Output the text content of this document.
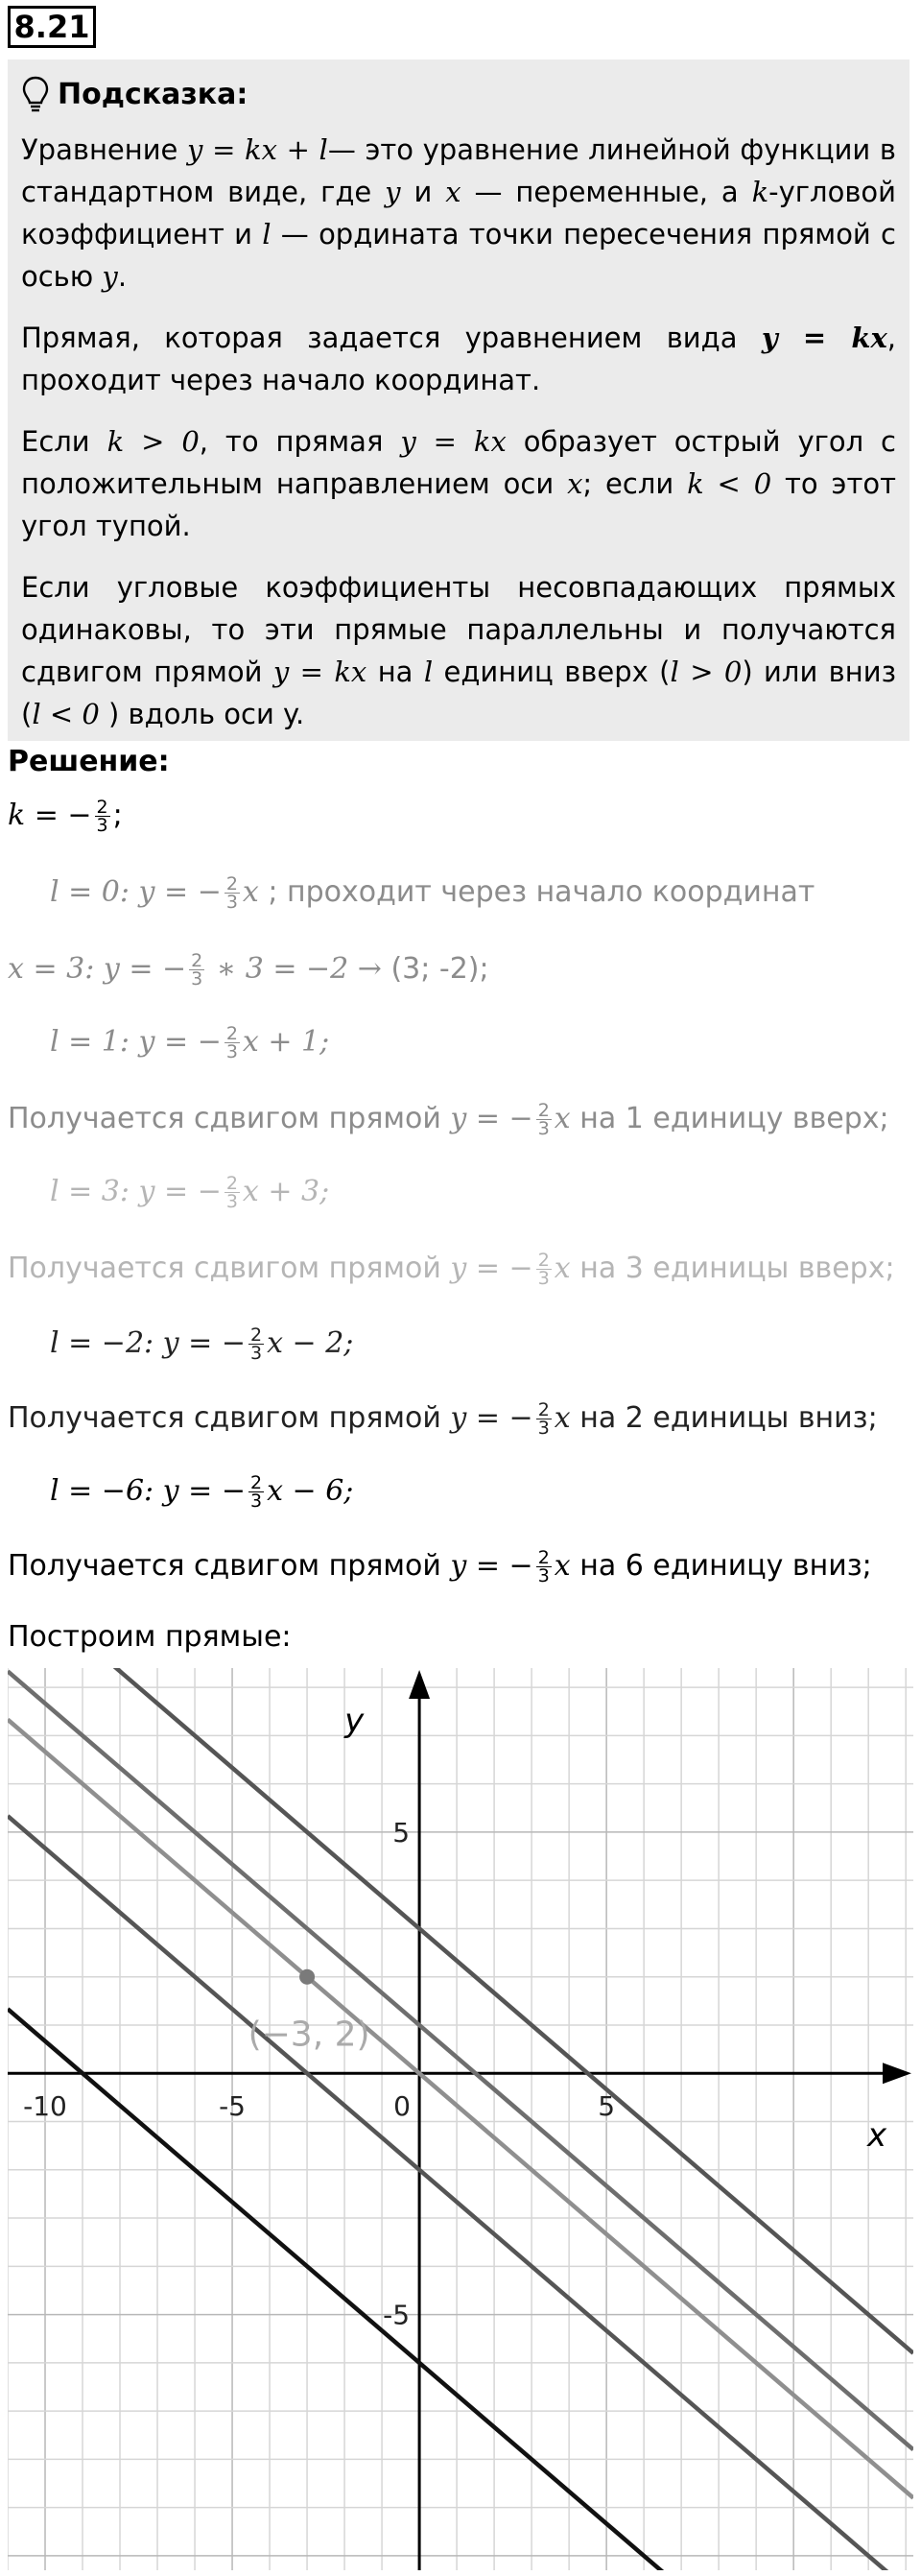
8.21
Подсказка:

Уравнение y = kx + l— это уравнение линейной функции в стандартном виде, где y и x — переменные, а k-угловой коэффициент и l — ордината точки пересечения прямой с осью y.

Прямая, которая задается уравнением вида y = kx, проходит через начало координат.

Если k > 0, то прямая y = kx образует острый угол с положительным направлением оси x; если k < 0 то этот угол тупой.

Если угловые коэффициенты несовпадающих прямых одинаковы, то эти прямые параллельны и получаются сдвигом прямой y = kx на l единиц вверх (l > 0) или вниз (l < 0 ) вдоль оси y.

Решение:
k = − $\frac{2}{3}$ ;
l = 0: y = − $\frac{2}{3}$ x ; проходит через начало координат
x = 3: y = − $\frac{2}{3}$ ∗ 3 = −2 → (3; -2);
l = 1: y = − $\frac{2}{3}$ x + 1;
Получается сдвигом прямой y = − $\frac{2}{3}$ x на 1 единицу вверх;
l = 3: y = − $\frac{2}{3}$ x + 3;
Получается сдвигом прямой y = − $\frac{2}{3}$ x на 3 единицы вверх;
l = −2: y = − $\frac{2}{3}$ x − 2;
Получается сдвигом прямой y = − $\frac{2}{3}$ x на 2 единицы вниз;
l = −6: y = − $\frac{2}{3}$ x − 6;
Получается сдвигом прямой y = − $\frac{2}{3}$ x на 6 единицу вниз;
Построим прямые:
-10	-5	0	5
5
-5
x
y
(−3, 2)
